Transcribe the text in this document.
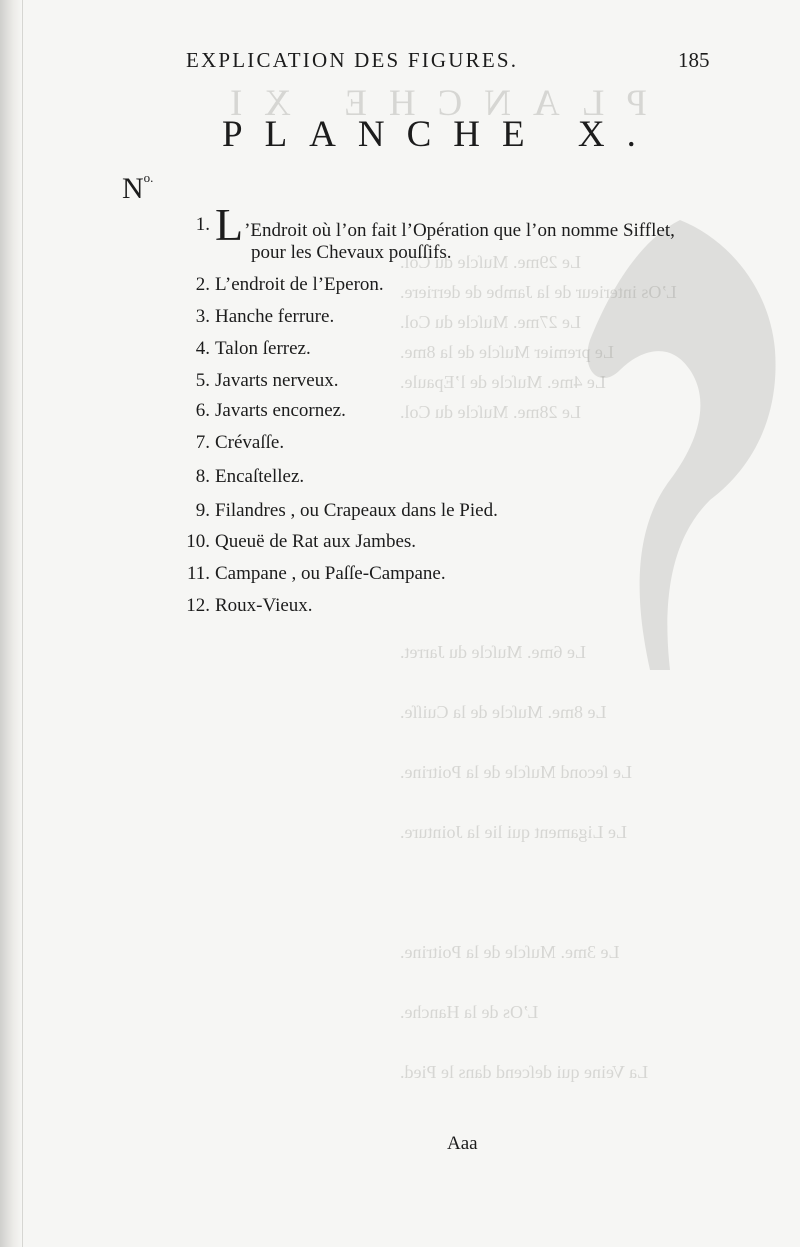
PLANCHE XI
Le 29me. Muſcle du Col.
L’Os interieur de la Jambe de derriere.
Le 27me. Muſcle du Col.
Le premier Muſcle de la 8me.
Le 4me. Muſcle de l’Epaule.
Le 28me. Muſcle du Col.
Le 6me. Muſcle du Jarret.
Le 8me. Muſcle de la Cuiſſe.
Le ſecond Muſcle de la Poitrine.
Le Ligament qui lie la Jointure.
Le 3me. Muſcle de la Poitrine.
L’Os de la Hanche.
La Veine qui deſcend dans le Pied.
EXPLICATION DES FIGURES.	185
PLANCHE X.
$N^{o.}$
1. L’Endroit où l’on fait l’Opération que l’on nomme Sifflet,
pour les Chevaux pouſſifs.
2. L’endroit de l’Eperon.
3. Hanche ferrure.
4. Talon ſerrez.
5. Javarts nerveux.
6. Javarts encornez.
7. Crévaſſe.
8. Encaſtellez.
9. Filandres , ou Crapeaux dans le Pied.
10. Queuë de Rat aux Jambes.
11. Campane , ou Paſſe-Campane.
12. Roux-Vieux.
Aaa
